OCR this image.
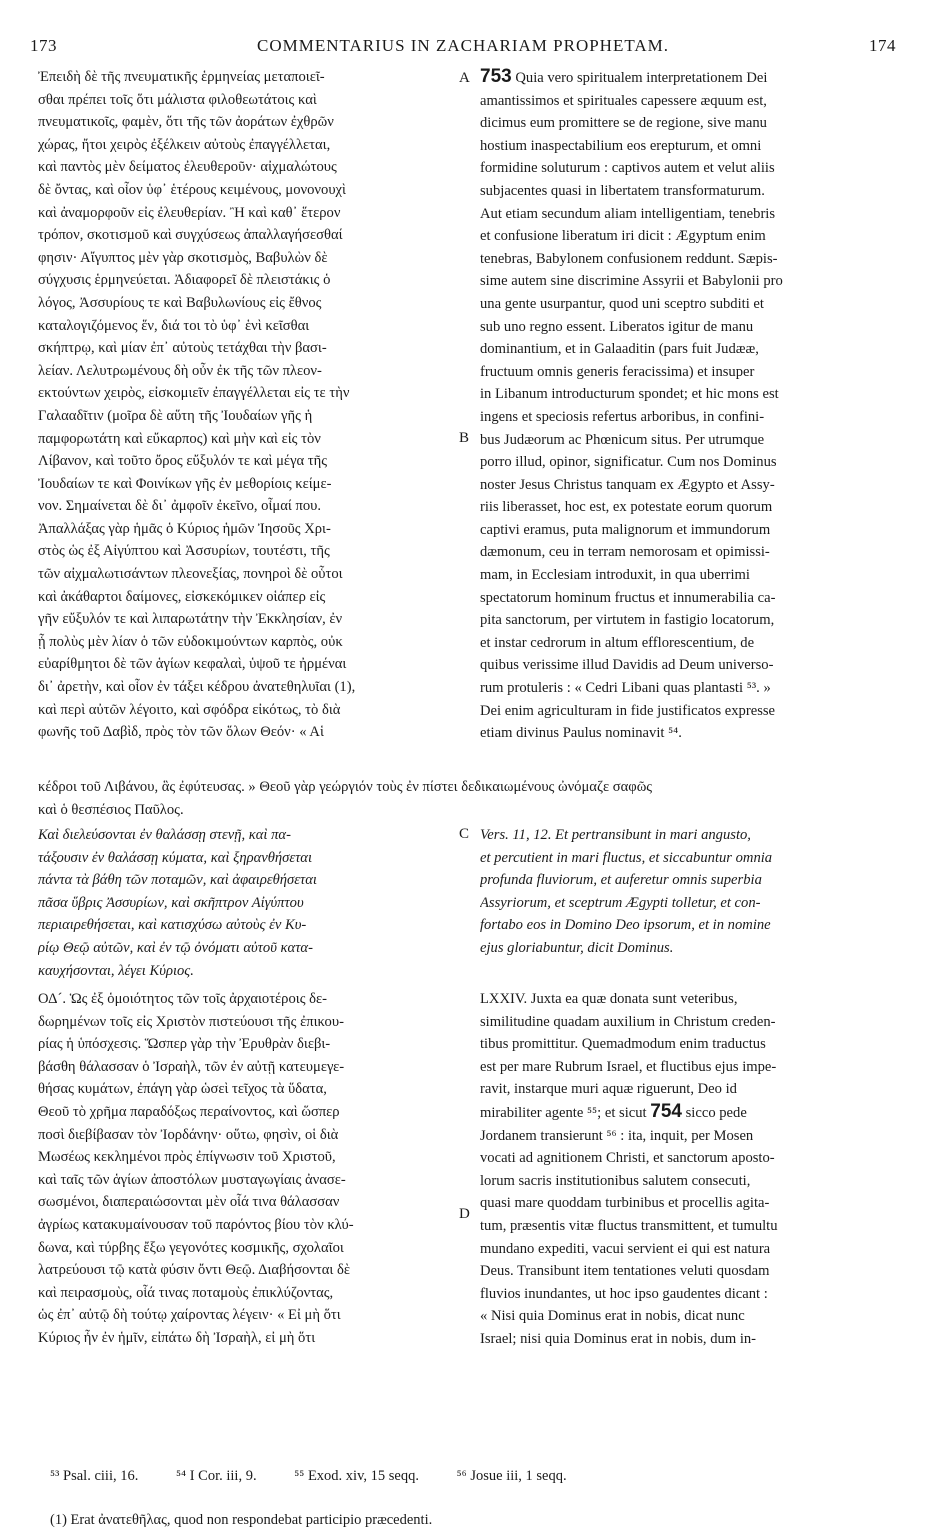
173	COMMENTARIUS IN ZACHARIAM PROPHETAM.	174
A
B
C
D
Ἐπειδὴ δὲ τῆς πνευματικῆς ἑρμηνείας μεταποιεῖ-
σθαι πρέπει τοῖς ὅτι μάλιστα φιλοθεωτάτοις καὶ
πνευματικοῖς, φαμὲν, ὅτι τῆς τῶν ἀοράτων ἐχθρῶν
χώρας, ἤτοι χειρὸς ἐξέλκειν αὐτοὺς ἐπαγγέλλεται,
καὶ παντὸς μὲν δείματος ἐλευθεροῦν· αἰχμαλώτους
δὲ ὄντας, καὶ οἷον ὑφ᾽ ἑτέρους κειμένους, μονονουχὶ
καὶ ἀναμορφοῦν εἰς ἐλευθερίαν. Ἢ καὶ καθ᾽ ἕτερον
τρόπον, σκοτισμοῦ καὶ συγχύσεως ἀπαλλαγήσεσθαί
φησιν· Αἴγυπτος μὲν γὰρ σκοτισμὸς, Βαβυλὼν δὲ
σύγχυσις ἑρμηνεύεται. Ἀδιαφορεῖ δὲ πλειστάκις ὁ
λόγος, Ἀσσυρίους τε καὶ Βαβυλωνίους εἰς ἔθνος
καταλογιζόμενος ἕν, διά τοι τὸ ὑφ᾽ ἑνὶ κεῖσθαι
σκήπτρῳ, καὶ μίαν ἐπ᾽ αὐτοὺς τετάχθαι τὴν βασι-
λείαν. Λελυτρωμένους δὴ οὖν ἐκ τῆς τῶν πλεον-
εκτούντων χειρὸς, εἰσκομιεῖν ἐπαγγέλλεται εἰς τε τὴν
Γαλααδῖτιν (μοῖρα δὲ αὕτη τῆς Ἰουδαίων γῆς ἡ
παμφορωτάτη καὶ εὔκαρπος) καὶ μὴν καὶ εἰς τὸν
Λίβανον, καὶ τοῦτο ὄρος εὔξυλόν τε καὶ μέγα τῆς
Ἰουδαίων τε καὶ Φοινίκων γῆς ἐν μεθορίοις κείμε-
νον. Σημαίνεται δὲ δι᾽ ἀμφοῖν ἐκεῖνο, οἶμαί που.
Ἀπαλλάξας γὰρ ἡμᾶς ὁ Κύριος ἡμῶν Ἰησοῦς Χρι-
στὸς ὡς ἐξ Αἰγύπτου καὶ Ἀσσυρίων, τουτέστι, τῆς
τῶν αἰχμαλωτισάντων πλεονεξίας, πονηροὶ δὲ οὗτοι
καὶ ἀκάθαρτοι δαίμονες, εἰσκεκόμικεν οἱάπερ εἰς
γῆν εὔξυλόν τε καὶ λιπαρωτάτην τὴν Ἐκκλησίαν, ἐν
ᾗ πολὺς μὲν λίαν ὁ τῶν εὐδοκιμούντων καρπὸς, οὐκ
εὐαρίθμητοι δὲ τῶν ἁγίων κεφαλαὶ, ὑψοῦ τε ἠρμέναι
δι᾽ ἀρετὴν, καὶ οἷον ἐν τάξει κέδρου ἀνατεθηλυῖαι (1),
καὶ περὶ αὐτῶν λέγοιτο, καὶ σφόδρα εἰκότως, τὸ διὰ
φωνῆς τοῦ Δαβὶδ, πρὸς τὸν τῶν ὅλων Θεόν· « Αἱ
753 Quia vero spiritualem interpretationem Dei
amantissimos et spirituales capessere æquum est,
dicimus eum promittere se de regione, sive manu
hostium inaspectabilium eos erepturum, et omni
formidine soluturum : captivos autem et velut aliis
subjacentes quasi in libertatem transformaturum.
Aut etiam secundum aliam intelligentiam, tenebris
et confusione liberatum iri dicit : Ægyptum enim
tenebras, Babylonem confusionem reddunt. Sæpis-
sime autem sine discrimine Assyrii et Babylonii pro
una gente usurpantur, quod uni sceptro subditi et
sub uno regno essent. Liberatos igitur de manu
dominantium, et in Galaaditin (pars fuit Judææ,
fructuum omnis generis feracissima) et insuper
in Libanum introducturum spondet; et hic mons est
ingens et speciosis refertus arboribus, in confini-
bus Judæorum ac Phœnicum situs. Per utrumque
porro illud, opinor, significatur. Cum nos Dominus
noster Jesus Christus tanquam ex Ægypto et Assy-
riis liberasset, hoc est, ex potestate eorum quorum
captivi eramus, puta malignorum et immundorum
dæmonum, ceu in terram nemorosam et opimissi-
mam, in Ecclesiam introduxit, in qua uberrimi
spectatorum hominum fructus et innumerabilia ca-
pita sanctorum, per virtutem in fastigio locatorum,
et instar cedrorum in altum efflorescentium, de
quibus verissime illud Davidis ad Deum universo-
rum protuleris : « Cedri Libani quas plantasti ⁵³. »
Dei enim agriculturam in fide justificatos expresse
etiam divinus Paulus nominavit ⁵⁴.
κέδροι τοῦ Λιβάνου, ἃς ἐφύτευσας. » Θεοῦ γὰρ γεώργιόν τοὺς ἐν πίστει δεδικαιωμένους ὠνόμαζε σαφῶς
καὶ ὁ θεσπέσιος Παῦλος.
Καὶ διελεύσονται ἐν θαλάσσῃ στενῇ, καὶ πα-
τάξουσιν ἐν θαλάσσῃ κύματα, καὶ ξηρανθήσεται
πάντα τὰ βάθη τῶν ποταμῶν, καὶ ἀφαιρεθήσεται
πᾶσα ὕβρις Ἀσσυρίων, καὶ σκῆπτρον Αἰγύπτου
περιαιρεθήσεται, καὶ κατισχύσω αὐτοὺς ἐν Κυ-
ρίῳ Θεῷ αὐτῶν, καὶ ἐν τῷ ὀνόματι αὐτοῦ κατα-
καυχήσονται, λέγει Κύριος.
Vers. 11, 12. Et pertransibunt in mari angusto,
et percutient in mari fluctus, et siccabuntur omnia
profunda fluviorum, et auferetur omnis superbia
Assyriorum, et sceptrum Ægypti tolletur, et con-
fortabo eos in Domino Deo ipsorum, et in nomine
ejus gloriabuntur, dicit Dominus.
ΟΔ´. Ὡς ἐξ ὁμοιότητος τῶν τοῖς ἀρχαιοτέροις δε-
δωρημένων τοῖς εἰς Χριστὸν πιστεύουσι τῆς ἐπικου-
ρίας ἡ ὑπόσχεσις. Ὥσπερ γὰρ τὴν Ἐρυθρὰν διεβι-
βάσθη θάλασσαν ὁ Ἰσραὴλ, τῶν ἐν αὐτῇ κατευμεγε-
θήσας κυμάτων, ἐπάγη γὰρ ὡσεὶ τεῖχος τὰ ὕδατα,
Θεοῦ τὸ χρῆμα παραδόξως περαίνοντος, καὶ ὥσπερ
ποσὶ διεβίβασαν τὸν Ἰορδάνην· οὕτω, φησὶν, οἱ διὰ
Μωσέως κεκλημένοι πρὸς ἐπίγνωσιν τοῦ Χριστοῦ,
καὶ ταῖς τῶν ἁγίων ἀποστόλων μυσταγωγίαις ἀνασε-
σωσμένοι, διαπεραιώσονται μὲν οἷά τινα θάλασσαν
ἀγρίως κατακυμαίνουσαν τοῦ παρόντος βίου τὸν κλύ-
δωνα, καὶ τύρβης ἔξω γεγονότες κοσμικῆς, σχολαῖοι
λατρεύουσι τῷ κατὰ φύσιν ὄντι Θεῷ. Διαβήσονται δὲ
καὶ πειρασμοὺς, οἷά τινας ποταμοὺς ἐπικλύζοντας,
ὡς ἐπ᾽ αὐτῷ δὴ τούτῳ χαίροντας λέγειν· « Εἰ μὴ ὅτι
Κύριος ἦν ἐν ἡμῖν, εἰπάτω δὴ Ἰσραὴλ, εἰ μὴ ὅτι
LXXIV. Juxta ea quæ donata sunt veteribus,
similitudine quadam auxilium in Christum creden-
tibus promittitur. Quemadmodum enim traductus
est per mare Rubrum Israel, et fluctibus ejus impe-
ravit, instarque muri aquæ riguerunt, Deo id
mirabiliter agente ⁵⁵; et sicut 754 sicco pede
Jordanem transierunt ⁵⁶ : ita, inquit, per Mosen
vocati ad agnitionem Christi, et sanctorum aposto-
lorum sacris institutionibus salutem consecuti,
quasi mare quoddam turbinibus et procellis agita-
tum, præsentis vitæ fluctus transmittent, et tumultu
mundano expediti, vacui servient ei qui est natura
Deus. Transibunt item tentationes veluti quosdam
fluvios inundantes, ut hoc ipso gaudentes dicant :
« Nisi quia Dominus erat in nobis, dicat nunc
Israel; nisi quia Dominus erat in nobis, dum in-
⁵³ Psal. ciii, 16.	⁵⁴ I Cor. iii, 9.	⁵⁵ Exod. xiv, 15 seqq.	⁵⁶ Josue iii, 1 seqq.
(1) Erat ἀνατεθῆλας, quod non respondebat participio præcedenti.
